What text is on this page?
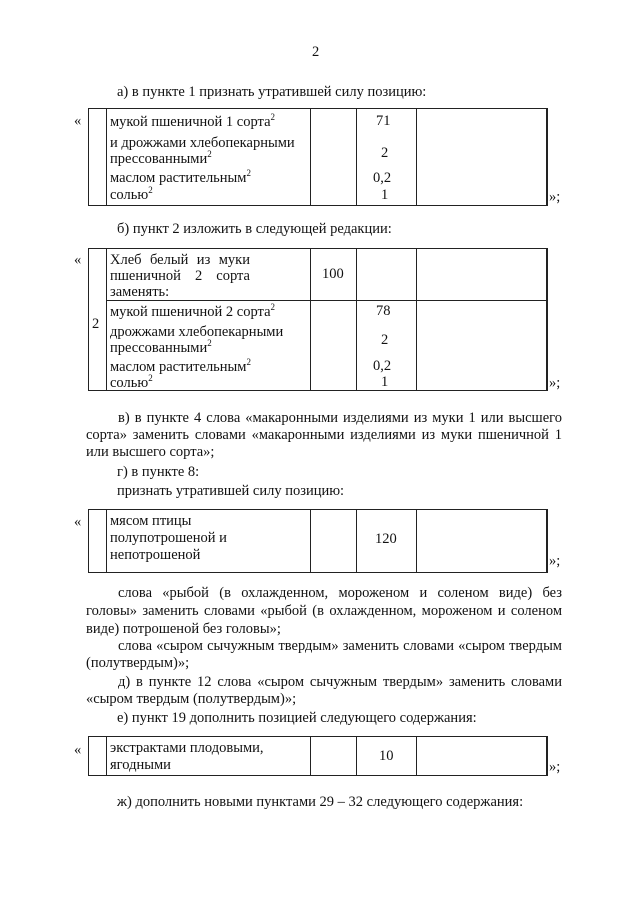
2
а) в пункте 1 признать утратившей силу позицию:
« мукой пшеничной 1 сорта$^2$
и дрожжами хлебопекарными прессованными$^2$
маслом растительным$^2$
солью$^2$
71
2
0,2
1	»;
б) пункт 2 изложить в следующей редакции:
«
2
Хлеб белый из муки пшеничной 2 сорта заменять:
100
мукой пшеничной 2 сорта$^2$
дрожжами хлебопекарными прессованными$^2$
маслом растительным$^2$
солью$^2$
78
2
0,2
1	»;
в) в пункте 4 слова «макаронными изделиями из муки 1 или высшего сорта» заменить словами «макаронными изделиями из муки пшеничной 1 или высшего сорта»;
г) в пункте 8:
признать утратившей силу позицию:
« мясом птицы полупотрошеной и непотрошеной
120
»;
слова «рыбой (в охлажденном, мороженом и соленом виде) без головы» заменить словами «рыбой (в охлажденном, мороженом и соленом виде) потрошеной без головы»;
слова «сыром сычужным твердым» заменить словами «сыром твердым (полутвердым)»;
д) в пункте 12 слова «сыром сычужным твердым» заменить словами «сыром твердым (полутвердым)»;
е) пункт 19 дополнить позицией следующего содержания:
« экстрактами плодовыми, ягодными
10
»;
ж) дополнить новыми пунктами 29 – 32 следующего содержания:
